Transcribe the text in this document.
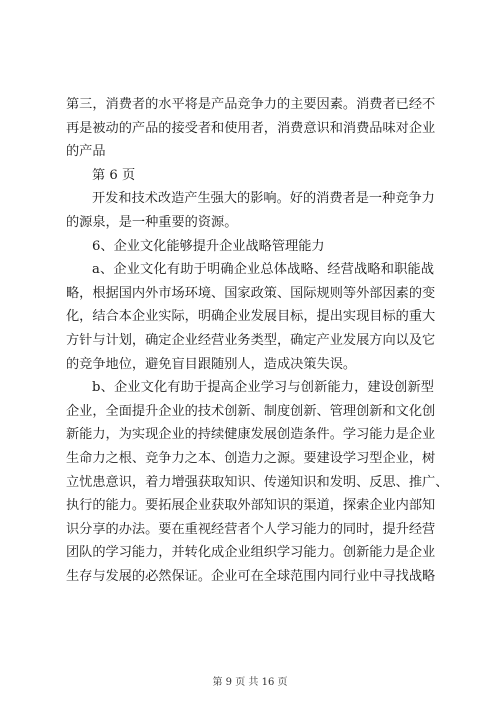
第三，消费者的水平将是产品竞争力的主要因素。消费者已经不
再是被动的产品的接受者和使用者，消费意识和消费品味对企业
的产品
第 6 页
开发和技术改造产生强大的影响。好的消费者是一种竞争力
的源泉，是一种重要的资源。
6、企业文化能够提升企业战略管理能力
a、企业文化有助于明确企业总体战略、经营战略和职能战
略，根据国内外市场环境、国家政策、国际规则等外部因素的变
化，结合本企业实际，明确企业发展目标，提出实现目标的重大
方针与计划，确定企业经营业务类型，确定产业发展方向以及它
的竞争地位，避免盲目跟随别人，造成决策失误。
b、企业文化有助于提高企业学习与创新能力，建设创新型
企业，全面提升企业的技术创新、制度创新、管理创新和文化创
新能力，为实现企业的持续健康发展创造条件。学习能力是企业
生命力之根、竞争力之本、创造力之源。要建设学习型企业，树
立忧患意识，着力增强获取知识、传递知识和发明、反思、推广、
执行的能力。要拓展企业获取外部知识的渠道，探索企业内部知
识分享的办法。要在重视经营者个人学习能力的同时，提升经营
团队的学习能力，并转化成企业组织学习能力。创新能力是企业
生存与发展的必然保证。企业可在全球范围内同行业中寻找战略
第 9 页 共 16 页
